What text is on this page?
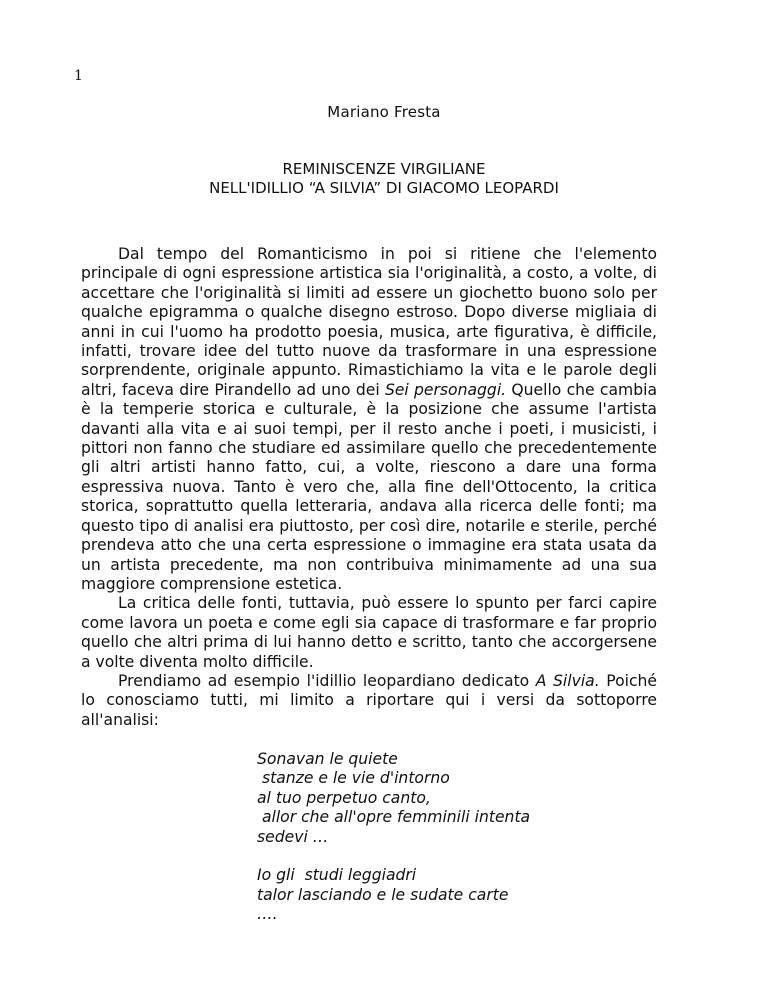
1
Mariano Fresta
REMINISCENZE VIRGILIANE
NELL'IDILLIO “A SILVIA” DI GIACOMO LEOPARDI

Dal tempo del Romanticismo in poi si ritiene che l'elemento principale di ogni espressione artistica sia l'originalità, a costo, a volte, di accettare che l'originalità si limiti ad essere un giochetto buono solo per qualche epigramma o qualche disegno estroso. Dopo diverse migliaia di anni in cui l'uomo ha prodotto poesia, musica, arte figurativa, è difficile, infatti, trovare idee del tutto nuove da trasformare in una espressione sorprendente, originale appunto. Rimastichiamo la vita e le parole degli altri, faceva dire Pirandello ad uno dei Sei personaggi. Quello che cambia è la temperie storica e culturale, è la posizione che assume l'artista davanti alla vita e ai suoi tempi, per il resto anche i poeti, i musicisti, i pittori non fanno che studiare ed assimilare quello che precedentemente gli altri artisti hanno fatto, cui, a volte, riescono a dare una forma espressiva nuova. Tanto è vero che, alla fine dell'Ottocento, la critica storica, soprattutto quella letteraria, andava alla ricerca delle fonti; ma questo tipo di analisi era piuttosto, per così dire, notarile e sterile, perché prendeva atto che una certa espressione o immagine era stata usata da un artista precedente, ma non contribuiva minimamente ad una sua maggiore comprensione estetica.

La critica delle fonti, tuttavia, può essere lo spunto per farci capire come lavora un poeta e come egli sia capace di trasformare e far proprio quello che altri prima di lui hanno detto e scritto, tanto che accorgersene a volte diventa molto difficile.

Prendiamo ad esempio l'idillio leopardiano dedicato A Silvia. Poiché lo conosciamo tutti, mi limito a riportare qui i versi da sottoporre all'analisi:

Sonavan le quiete
stanze e le vie d'intorno
al tuo perpetuo canto,
allor che all'opre femminili intenta
sedevi …
Io gli  studi leggiadri
talor lasciando e le sudate carte
….
